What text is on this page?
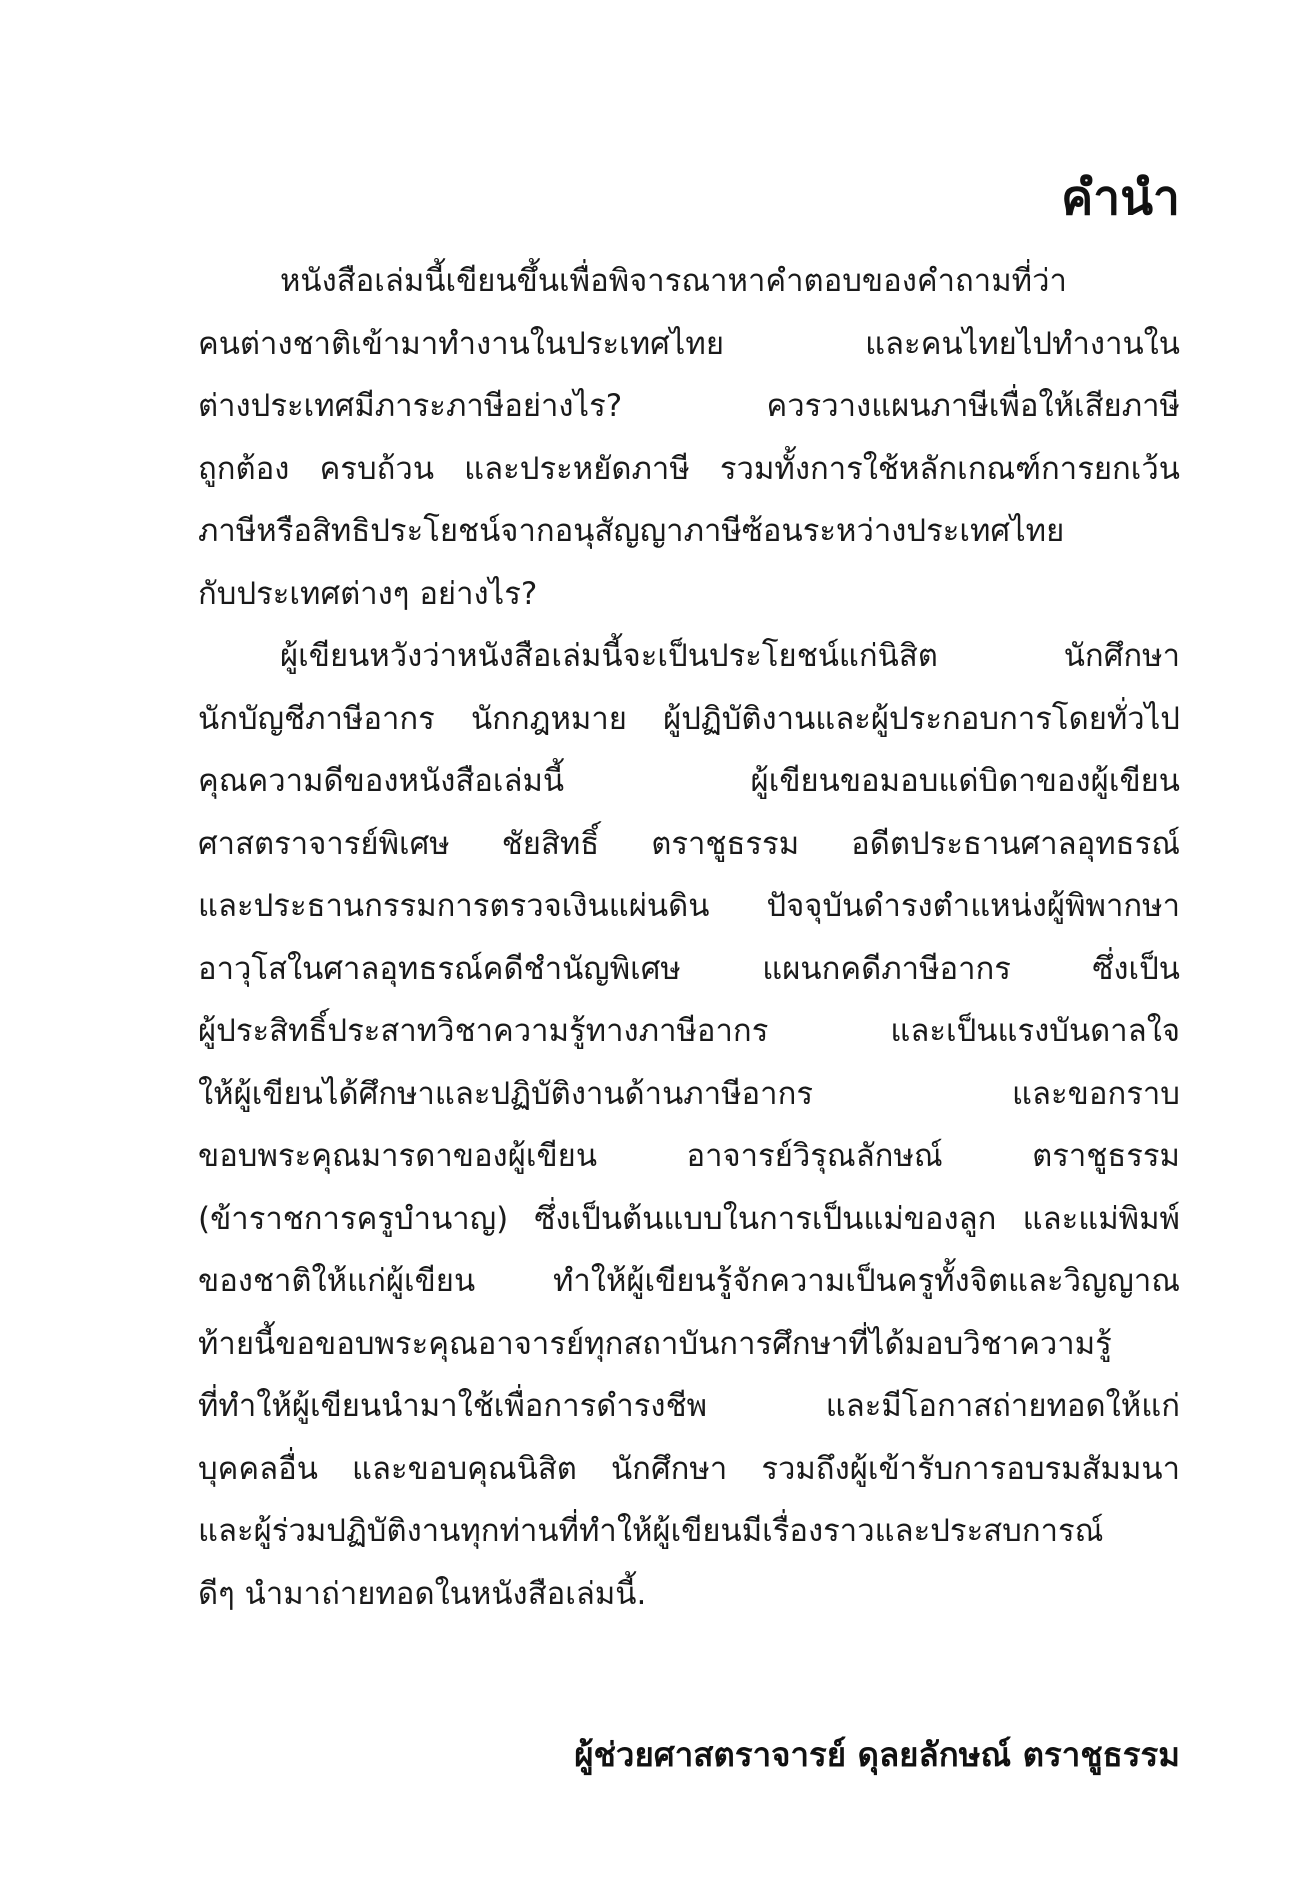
คำนำ
หนังสือเล่มนี้เขียนขึ้นเพื่อพิจารณาหาคำตอบของคำถามที่ว่า
คนต่างชาติเข้ามาทำงานในประเทศไทย และคนไทยไปทำงานใน
ต่างประเทศมีภาระภาษีอย่างไร? ควรวางแผนภาษีเพื่อให้เสียภาษี
ถูกต้อง ครบถ้วน และประหยัดภาษี รวมทั้งการใช้หลักเกณฑ์การยกเว้น
ภาษีหรือสิทธิประโยชน์จากอนุสัญญาภาษีซ้อนระหว่างประเทศไทย
กับประเทศต่างๆ อย่างไร?
ผู้เขียนหวังว่าหนังสือเล่มนี้จะเป็นประโยชน์แก่นิสิต นักศึกษา
นักบัญชีภาษีอากร นักกฎหมาย ผู้ปฏิบัติงานและผู้ประกอบการโดยทั่วไป
คุณความดีของหนังสือเล่มนี้ ผู้เขียนขอมอบแด่บิดาของผู้เขียน
ศาสตราจารย์พิเศษ ชัยสิทธิ์ ตราชูธรรม อดีตประธานศาลอุทธรณ์
และประธานกรรมการตรวจเงินแผ่นดิน ปัจจุบันดำรงตำแหน่งผู้พิพากษา
อาวุโสในศาลอุทธรณ์คดีชำนัญพิเศษ แผนกคดีภาษีอากร ซึ่งเป็น
ผู้ประสิทธิ์ประสาทวิชาความรู้ทางภาษีอากร และเป็นแรงบันดาลใจ
ให้ผู้เขียนได้ศึกษาและปฏิบัติงานด้านภาษีอากร และขอกราบ
ขอบพระคุณมารดาของผู้เขียน อาจารย์วิรุณลักษณ์ ตราชูธรรม
(ข้าราชการครูบำนาญ) ซึ่งเป็นต้นแบบในการเป็นแม่ของลูก และแม่พิมพ์
ของชาติให้แก่ผู้เขียน ทำให้ผู้เขียนรู้จักความเป็นครูทั้งจิตและวิญญาณ
ท้ายนี้ขอขอบพระคุณอาจารย์ทุกสถาบันการศึกษาที่ได้มอบวิชาความรู้
ที่ทำให้ผู้เขียนนำมาใช้เพื่อการดำรงชีพ และมีโอกาสถ่ายทอดให้แก่
บุคคลอื่น และขอบคุณนิสิต นักศึกษา รวมถึงผู้เข้ารับการอบรมสัมมนา
และผู้ร่วมปฏิบัติงานทุกท่านที่ทำให้ผู้เขียนมีเรื่องราวและประสบการณ์
ดีๆ นำมาถ่ายทอดในหนังสือเล่มนี้.
ผู้ช่วยศาสตราจารย์ ดุลยลักษณ์ ตราชูธรรม
